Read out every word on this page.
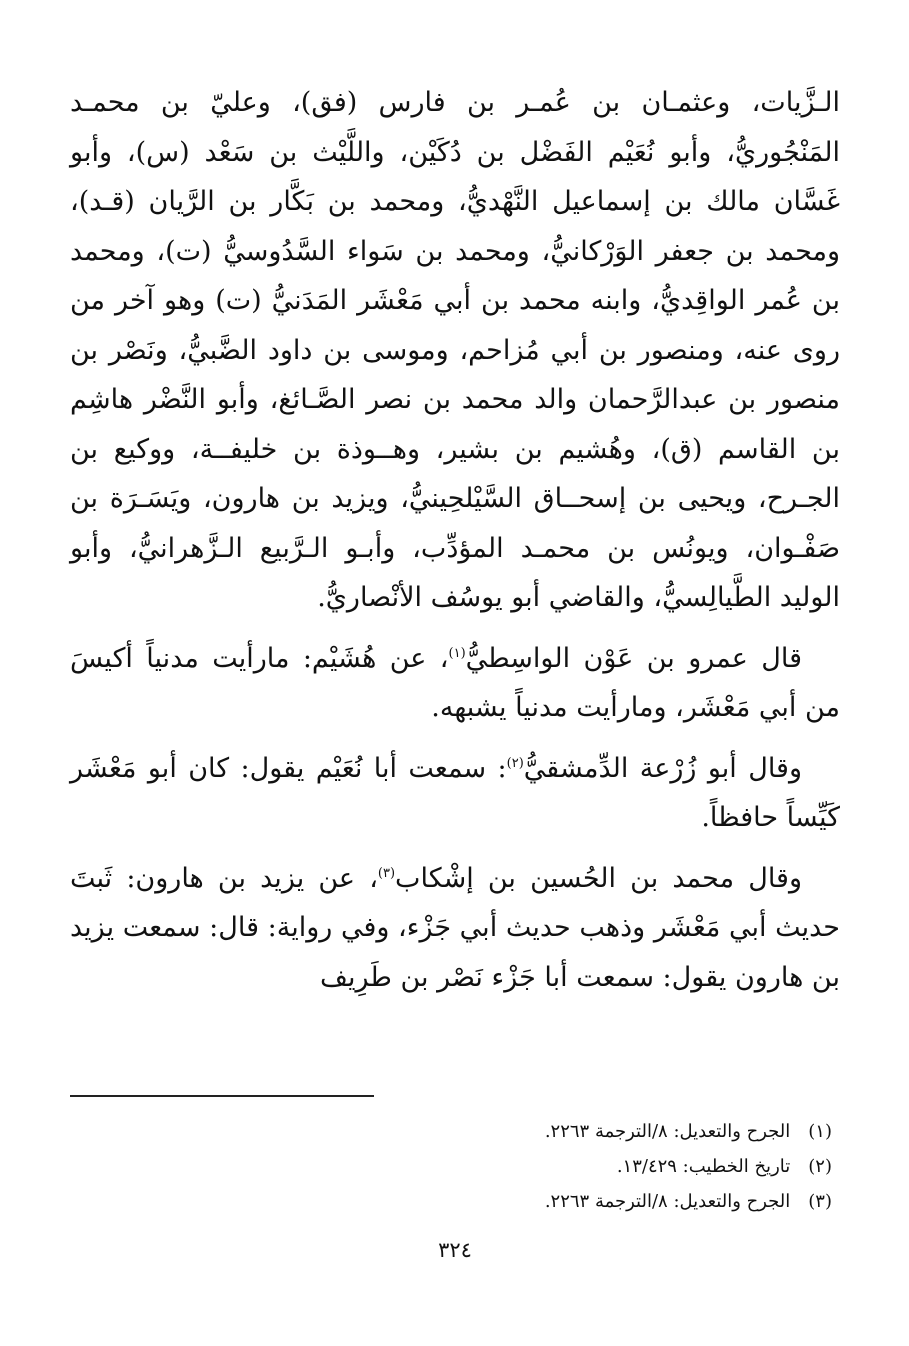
الـزَّيات، وعثمـان بن عُمـر بن فارس (فق)، وعليّ بن محمـد المَنْجُوريُّ، وأبو نُعَيْم الفَضْل بن دُكَيْن، واللَّيْث بن سَعْد (س)، وأبو غَسَّان مالك بن إسماعيل النَّهْديُّ، ومحمد بن بَكَّار بن الرَّيان (قـد)، ومحمد بن جعفر الوَرْكانيُّ، ومحمد بن سَواء السَّدُوسيُّ (ت)، ومحمد بن عُمر الواقِديُّ، وابنه محمد بن أبي مَعْشَر المَدَنيُّ (ت) وهو آخر من روى عنه، ومنصور بن أبي مُزاحم، وموسى بن داود الضَّبيُّ، ونَصْر بن منصور بن عبدالرَّحمان والد محمد بن نصر الصَّـائغ، وأبو النَّضْر هاشِم بن القاسم (ق)، وهُشيم بن بشير، وهــوذة بن خليفــة، ووكيع بن الجـرح، ويحيى بن إسحــاق السَّيْلحِينيُّ، ويزيد بن هارون، ويَسَـرَة بن صَفْـوان، ويونُس بن محمـد المؤدِّب، وأبـو الـرَّبيع الـزَّهرانيُّ، وأبو الوليد الطَّيالِسيُّ، والقاضي أبو يوسُف الأنْصاريُّ.

قال عمرو بن عَوْن الواسِطيُّ$^{(١)}$، عن هُشَيْم: مارأيت مدنياً أكيسَ من أبي مَعْشَر، ومارأيت مدنياً يشبهه.

وقال أبو زُرْعة الدِّمشقيُّ$^{(٢)}$: سمعت أبا نُعَيْم يقول: كان أبو مَعْشَر كَيِّساً حافظاً.

وقال محمد بن الحُسين بن إشْكاب$^{(٣)}$، عن يزيد بن هارون: ثَبتَ حديث أبي مَعْشَر وذهب حديث أبي جَزْء، وفي رواية: قال: سمعت يزيد بن هارون يقول: سمعت أبا جَزْء نَصْر بن طَرِيف

(١)الجرح والتعديل: ٨/الترجمة ٢٢٦٣.

(٢)تاريخ الخطيب: ١٣/٤٢٩.

(٣)الجرح والتعديل: ٨/الترجمة ٢٢٦٣.

٣٢٤
